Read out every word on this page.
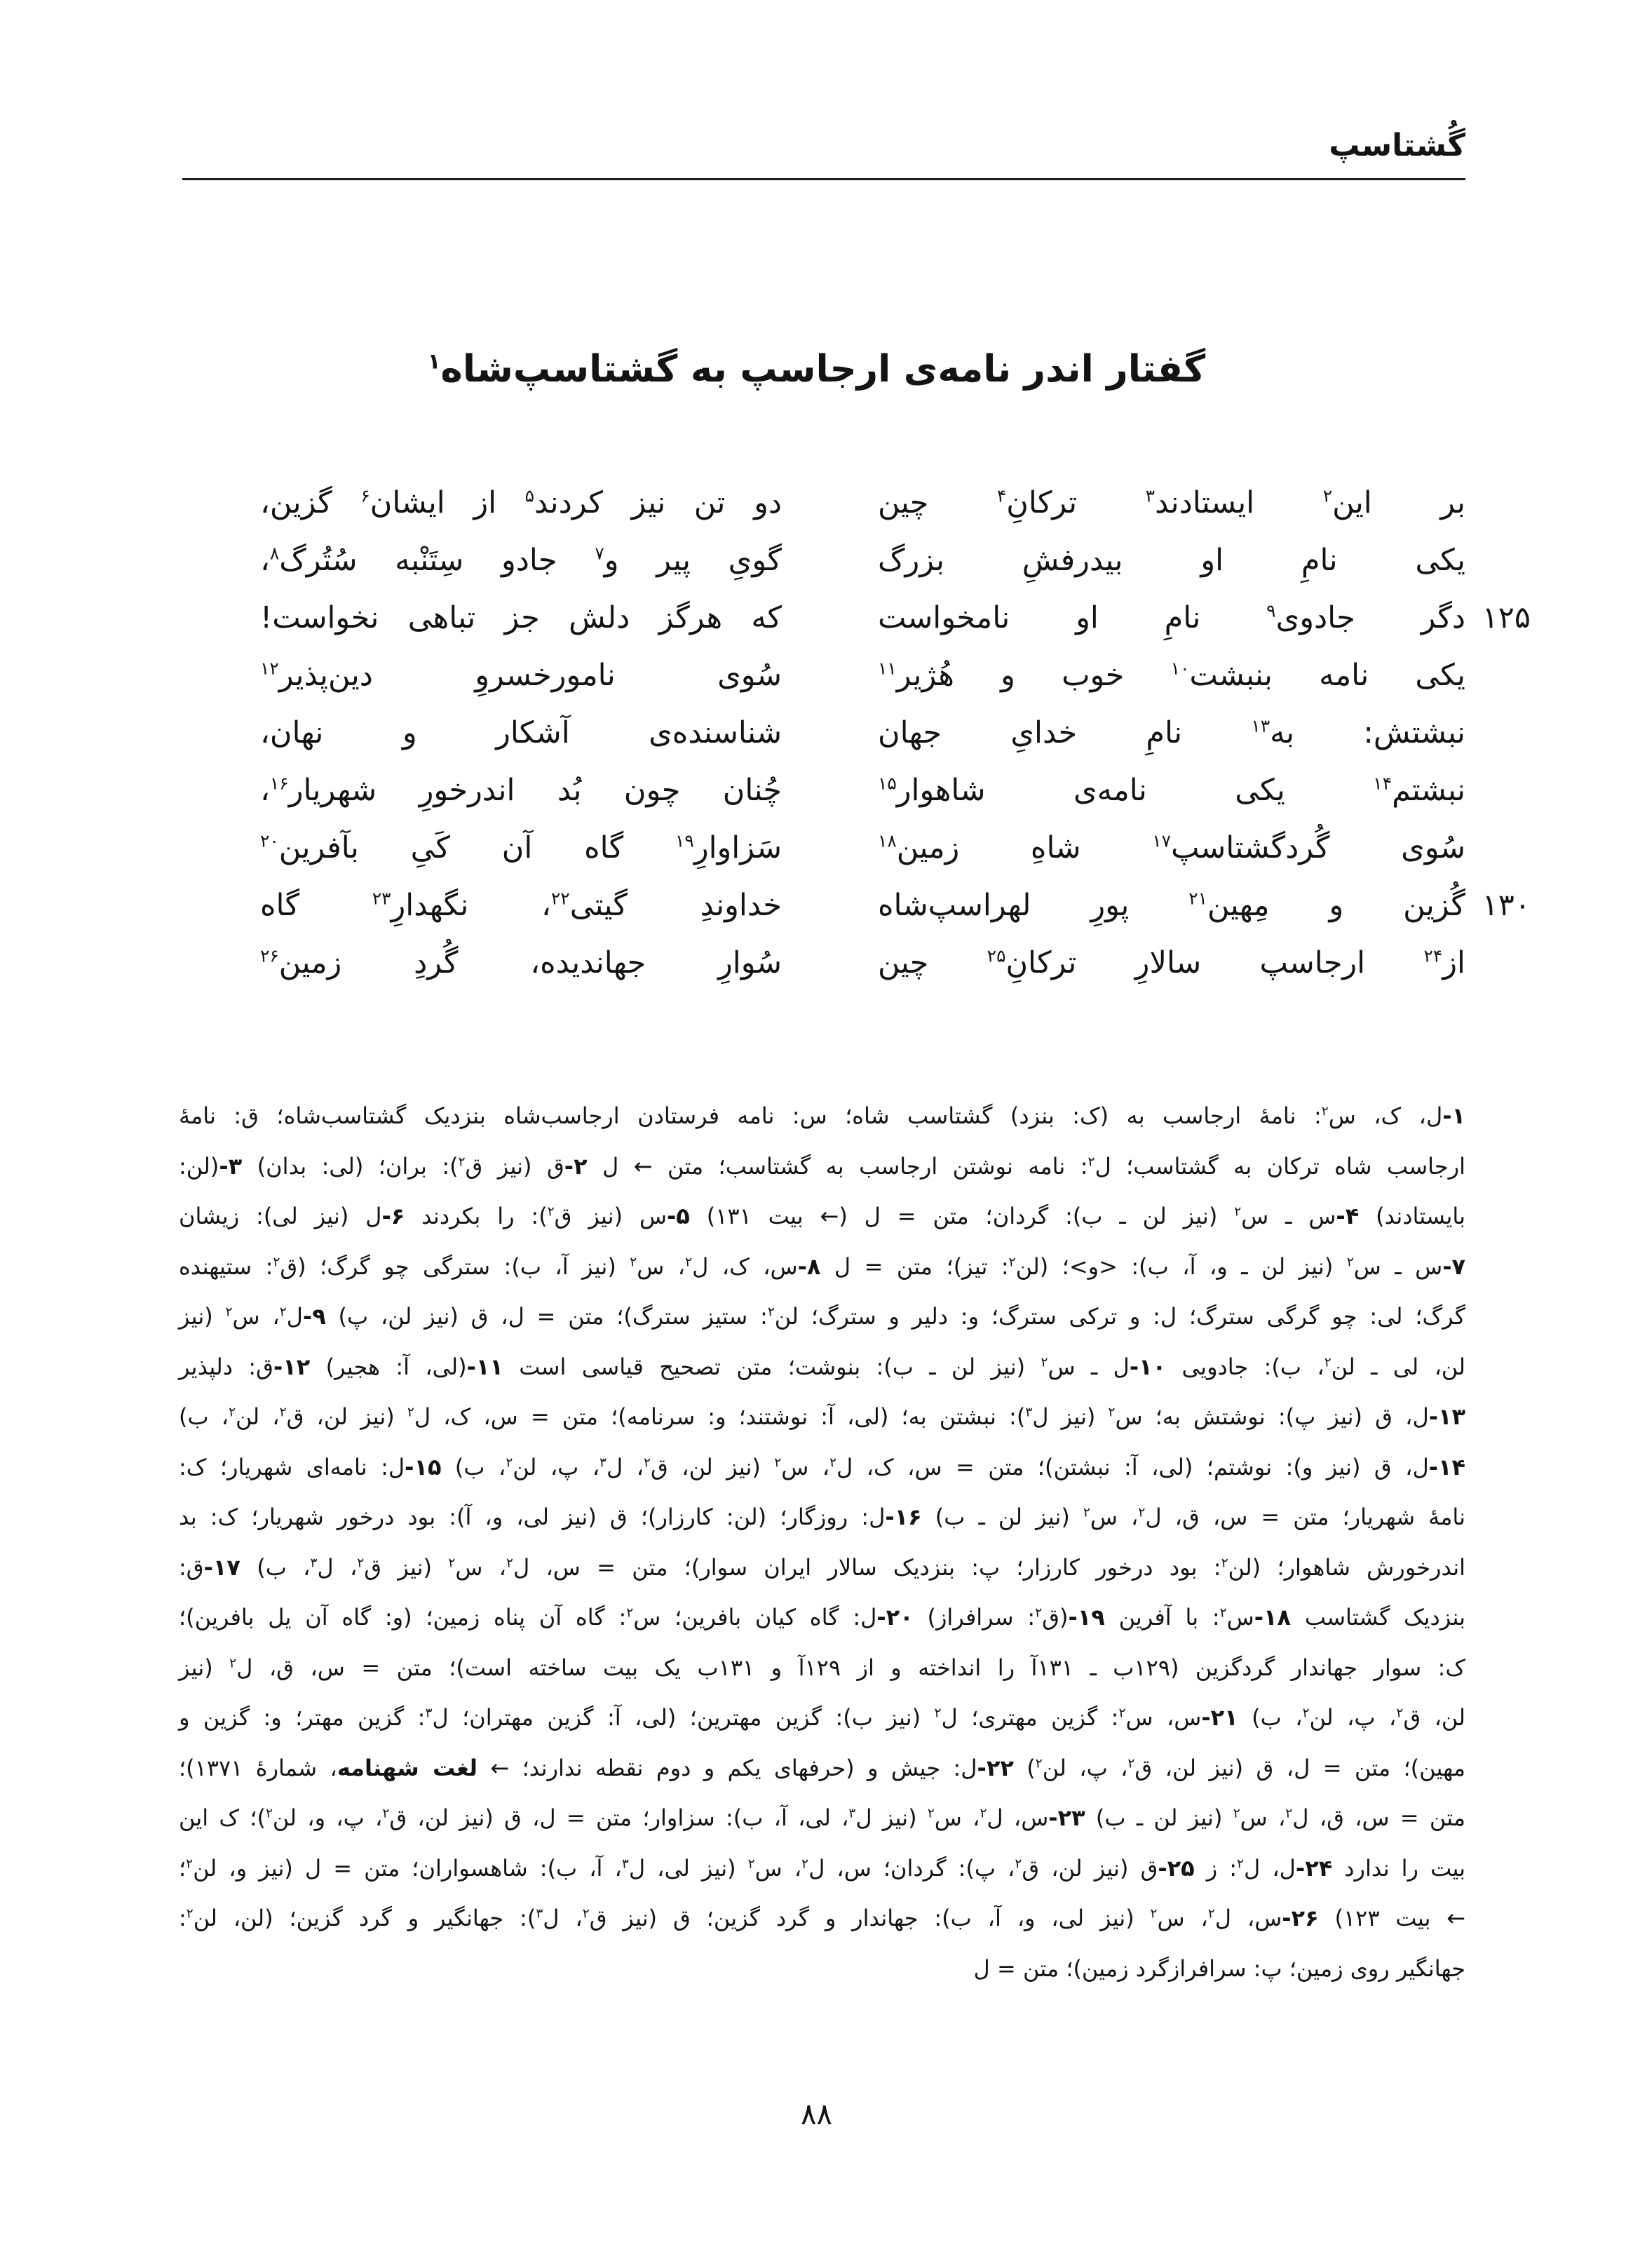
گُشتاسپ
گفتار اندر نامه‌ی ارجاسپ به گشتاسپ‌شاه$^۱$
بر این$^۲$ ایستادند$^۳$ ترکانِ$^۴$ چین
دو تن نیز کردند$^۵$ از ایشان$^۶$ گزین،
یکی نامِ او بیدرفشِ بزرگ
گویِ پیر و$^۷$ جادو سِتَنْبه سُتُرگ$^۸$،
۱۲۵
دگر جادوی$^۹$ نامِ او نامخواست
که هرگز دلش جز تباهی نخواست!
یکی نامه بنبشت$^{۱۰}$ خوب و هُژیر$^{۱۱}$
سُوی نامورخسروِ دین‌پذیر$^{۱۲}$
نبشتش: به$^{۱۳}$ نامِ خدایِ جهان
شناسنده‌ی آشکار و نهان،
نبشتم$^{۱۴}$ یکی نامه‌ی شاهوار$^{۱۵}$
چُنان چون بُد اندرخورِ شهریار$^{۱۶}$،
سُوی گُردگشتاسپ$^{۱۷}$ شاهِ زمین$^{۱۸}$
سَزاوارِ$^{۱۹}$ گاه آن کَیِ بآفرین$^{۲۰}$
۱۳۰
گُزین و مِهین$^{۲۱}$ پورِ لهراسپ‌شاه
خداوندِ گیتی$^{۲۲}$، نگهدارِ$^{۲۳}$ گاه
از$^{۲۴}$ ارجاسپ سالارِ ترکانِ$^{۲۵}$ چین
سُوارِ جهاندیده، گُردِ زمین$^{۲۶}$
۱-ل، ک، س$^۲$: نامهٔ ارجاسب به (ک: بنزد) گشتاسب شاه؛ س: نامه فرستادن ارجاسب‌شاه بنزدیک گشتاسب‌شاه؛ ق: نامهٔ
ارجاسب شاه ترکان به گشتاسب؛ ل$^۲$: نامه نوشتن ارجاسب به گشتاسب؛ متن ← ل ۲-ق (نیز ق$^۲$): بران؛ (لی: بدان) ۳-(لن:
بایستادند) ۴-س ـ س$^۲$ (نیز لن ـ ب): گردان؛ متن = ل (← بیت ۱۳۱) ۵-س (نیز ق$^۲$): را بکردند ۶-ل (نیز لی): زیشان
۷-س ـ س$^۲$ (نیز لن ـ و، آ، ب): <و>؛ (لن$^۲$: تیز)؛ متن = ل ۸-س، ک، ل$^۲$، س$^۲$ (نیز آ، ب): سترگی چو گرگ؛ (ق$^۲$: ستیهنده
گرگ؛ لی: چو گرگی سترگ؛ ل: و ترکی سترگ؛ و: دلیر و سترگ؛ لن$^۲$: ستیز سترگ)؛ متن = ل، ق (نیز لن، پ) ۹-ل$^۲$، س$^۲$ (نیز
لن، لی ـ لن$^۲$، ب): جادویی ۱۰-ل ـ س$^۲$ (نیز لن ـ ب): بنوشت؛ متن تصحیح قیاسی است ۱۱-(لی، آ: هجیر) ۱۲-ق: دلپذیر
۱۳-ل، ق (نیز پ): نوشتش به؛ س$^۲$ (نیز ل$^۳$): نبشتن به؛ (لی، آ: نوشتند؛ و: سرنامه)؛ متن = س، ک، ل$^۲$ (نیز لن، ق$^۲$، لن$^۲$، ب)
۱۴-ل، ق (نیز و): نوشتم؛ (لی، آ: نبشتن)؛ متن = س، ک، ل$^۲$، س$^۲$ (نیز لن، ق$^۲$، ل$^۳$، پ، لن$^۲$، ب) ۱۵-ل: نامه‌ای شهریار؛ ک:
نامهٔ شهریار؛ متن = س، ق، ل$^۲$، س$^۲$ (نیز لن ـ ب) ۱۶-ل: روزگار؛ (لن: کارزار)؛ ق (نیز لی، و، آ): بود درخور شهریار؛ ک: بد
اندرخورش شاهوار؛ (لن$^۲$: بود درخور کارزار؛ پ: بنزدیک سالار ایران سوار)؛ متن = س، ل$^۲$، س$^۲$ (نیز ق$^۲$، ل$^۳$، ب) ۱۷-ق:
بنزدیک گشتاسب ۱۸-س$^۲$: با آفرین ۱۹-(ق$^۲$: سرافراز) ۲۰-ل: گاه کیان بافرین؛ س$^۲$: گاه آن پناه زمین؛ (و: گاه آن یل بافرین)؛
ک: سوار جهاندار گردگزین (۱۲۹ب ـ ۱۳۱آ را انداخته و از ۱۲۹آ و ۱۳۱ب یک بیت ساخته است)؛ متن = س، ق، ل$^۲$ (نیز
لن، ق$^۲$، پ، لن$^۲$، ب) ۲۱-س، س$^۲$: گزین مهتری؛ ل$^۲$ (نیز ب): گزین مهترین؛ (لی، آ: گزین مهتران؛ ل$^۳$: گزین مهتر؛ و: گزین و
مهین)؛ متن = ل، ق (نیز لن، ق$^۲$، پ، لن$^۲$) ۲۲-ل: جیش و (حرفهای یکم و دوم نقطه ندارند؛ ← لغت شهنامه، شمارهٔ ۱۳۷۱)؛
متن = س، ق، ل$^۲$، س$^۲$ (نیز لن ـ ب) ۲۳-س، ل$^۲$، س$^۲$ (نیز ل$^۳$، لی، آ، ب): سزاوار؛ متن = ل، ق (نیز لن، ق$^۲$، پ، و، لن$^۲$)؛ ک این
بیت را ندارد ۲۴-ل، ل$^۲$: ز ۲۵-ق (نیز لن، ق$^۲$، پ): گردان؛ س، ل$^۲$، س$^۲$ (نیز لی، ل$^۳$، آ، ب): شاهسواران؛ متن = ل (نیز و، لن$^۲$؛
← بیت ۱۲۳) ۲۶-س، ل$^۲$، س$^۲$ (نیز لی، و، آ، ب): جهاندار و گرد گزین؛ ق (نیز ق$^۲$، ل$^۳$): جهانگیر و گرد گزین؛ (لن، لن$^۲$:
جهانگیر روی زمین؛ پ: سرافرازگرد زمین)؛ متن = ل
۸۸
